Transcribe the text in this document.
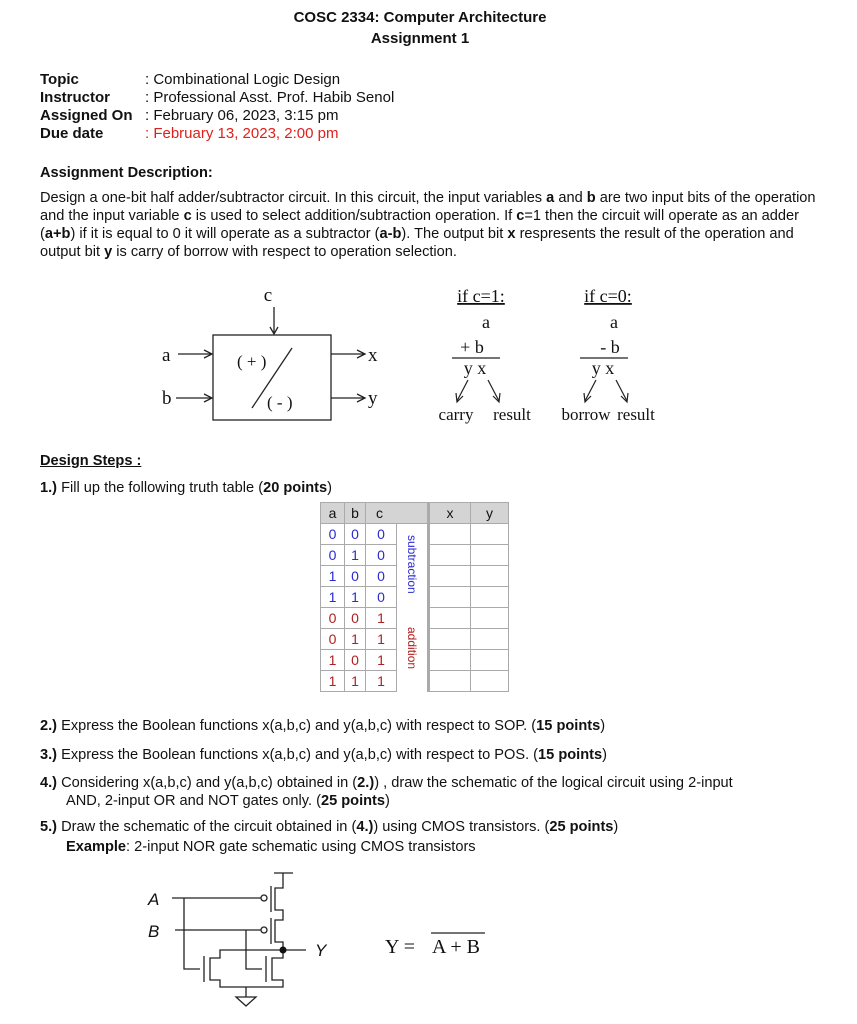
COSC 2334: Computer Architecture
Assignment 1
Topic	: Combinational Logic Design
Instructor : Professional Asst. Prof. Habib Senol
Assigned On : February 06, 2023, 3:15 pm
Due date	: February 13, 2023, 2:00 pm
Assignment Description:
Design a one-bit half adder/subtractor circuit. In this circuit, the input variables a and b are two input bits of the operation and the input variable c is used to select addition/subtraction operation. If c=1 then the circuit will operate as an adder (a+b) if it is equal to 0 it will operate as a subtractor (a-b). The output bit x respresents the result of the operation and output bit y is carry of borrow with respect to operation selection.
c
a
b
x
y
( + )
( - )
if c=1:
a
+ b
y x
carry result
if c=0:
a
- b
y x
borrow result
Design Steps :
1.) Fill up the following truth table (20 points)
a	b	c		x	y
0	0	0	subtraction		
0	1	0			
1	0	0			
1	1	0			
0	0	1	addition		
0	1	1			
1	0	1			
1	1	1			
2.) Express the Boolean functions x(a,b,c) and y(a,b,c) with respect to SOP. (15 points)
3.) Express the Boolean functions x(a,b,c) and y(a,b,c) with respect to POS. (15 points)
4.) Considering x(a,b,c) and y(a,b,c) obtained in (2.)) , draw the schematic of the logical circuit using 2-input
AND, 2-input OR and NOT gates only. (25 points)
5.) Draw the schematic of the circuit obtained in (4.)) using CMOS transistors. (25 points)
Example: 2-input NOR gate schematic using CMOS transistors
A
B
Y	Y = A + B
